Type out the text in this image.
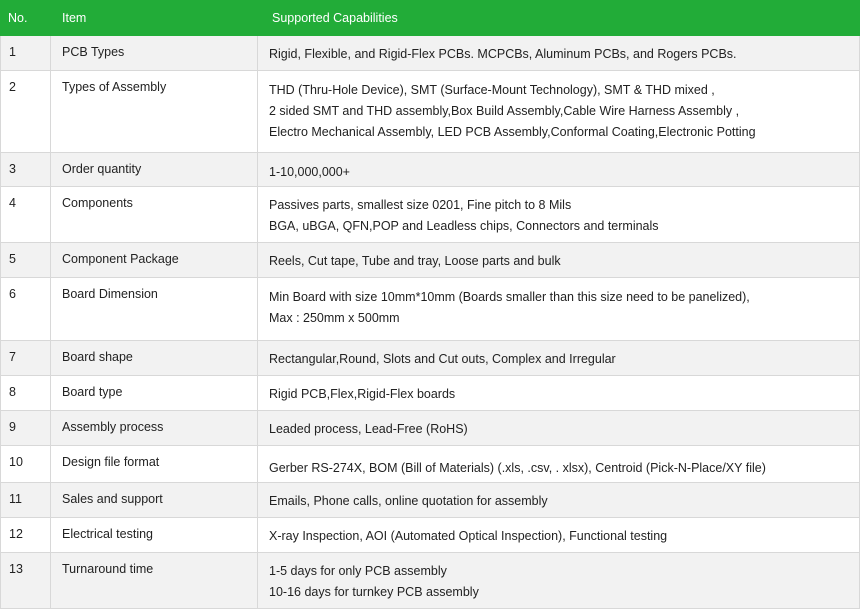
No.	Item	Supported Capabilities
1	PCB Types	Rigid, Flexible, and Rigid-Flex PCBs. MCPCBs, Aluminum PCBs, and Rogers PCBs.
2	Types of Assembly	THD (Thru-Hole Device), SMT (Surface-Mount Technology), SMT & THD mixed ,
2 sided SMT and THD assembly,Box Build Assembly,Cable Wire Harness Assembly ,
Electro Mechanical Assembly, LED PCB Assembly,Conformal Coating,Electronic Potting
3	Order quantity	1-10,000,000+
4	Components	Passives parts, smallest size 0201, Fine pitch to 8 Mils
BGA, uBGA, QFN,POP and Leadless chips, Connectors and terminals
5	Component Package	Reels, Cut tape, Tube and tray, Loose parts and bulk
6	Board Dimension	Min Board with size 10mm*10mm (Boards smaller than this size need to be panelized),
Max : 250mm x 500mm
7	Board shape	Rectangular,Round, Slots and Cut outs, Complex and Irregular
8	Board type	Rigid PCB,Flex,Rigid-Flex boards
9	Assembly process	Leaded process, Lead-Free (RoHS)
10	Design file format	Gerber RS-274X, BOM (Bill of Materials) (.xls, .csv, . xlsx), Centroid (Pick-N-Place/XY file)
11	Sales and support	Emails, Phone calls, online quotation for assembly
12	Electrical testing	X-ray Inspection, AOI (Automated Optical Inspection), Functional testing
13	Turnaround time	1-5 days for only PCB assembly
10-16 days for turnkey PCB assembly
